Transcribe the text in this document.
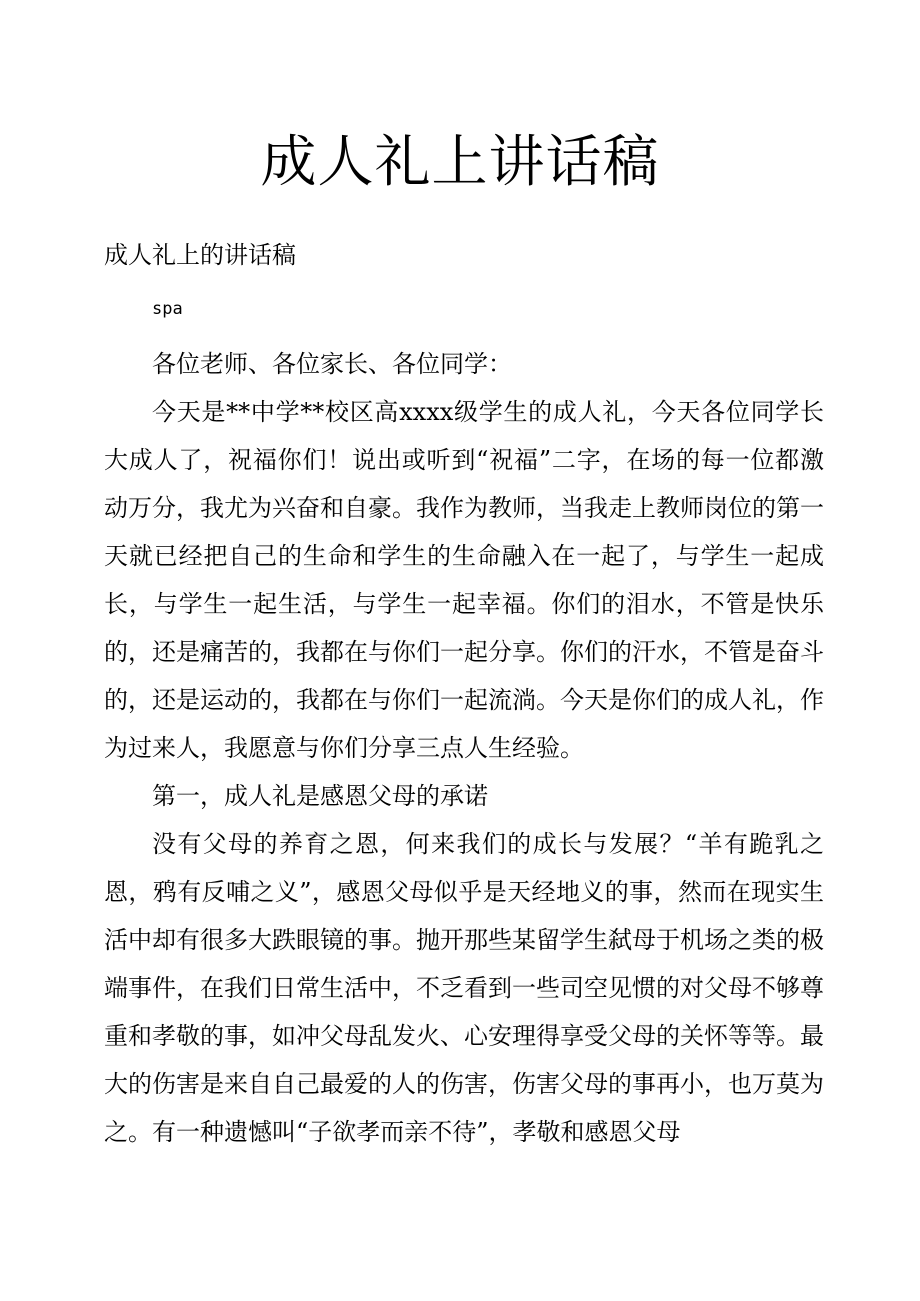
成人礼上讲话稿

成人礼上的讲话稿

spa

各位老师、各位家长、各位同学：

今天是**中学**校区高xxxx级学生的成人礼，今天各位同学长大成人了，祝福你们！说出或听到“祝福”二字，在场的每一位都激动万分，我尤为兴奋和自豪。我作为教师，当我走上教师岗位的第一天就已经把自己的生命和学生的生命融入在一起了，与学生一起成长，与学生一起生活，与学生一起幸福。你们的泪水，不管是快乐的，还是痛苦的，我都在与你们一起分享。你们的汗水，不管是奋斗的，还是运动的，我都在与你们一起流淌。今天是你们的成人礼，作为过来人，我愿意与你们分享三点人生经验。

第一，成人礼是感恩父母的承诺

没有父母的养育之恩，何来我们的成长与发展？“羊有跪乳之恩，鸦有反哺之义”，感恩父母似乎是天经地义的事，然而在现实生活中却有很多大跌眼镜的事。抛开那些某留学生弑母于机场之类的极端事件，在我们日常生活中，不乏看到一些司空见惯的对父母不够尊重和孝敬的事，如冲父母乱发火、心安理得享受父母的关怀等等。最大的伤害是来自自己最爱的人的伤害，伤害父母的事再小，也万莫为之。有一种遗憾叫“子欲孝而亲不待”，孝敬和感恩父母
